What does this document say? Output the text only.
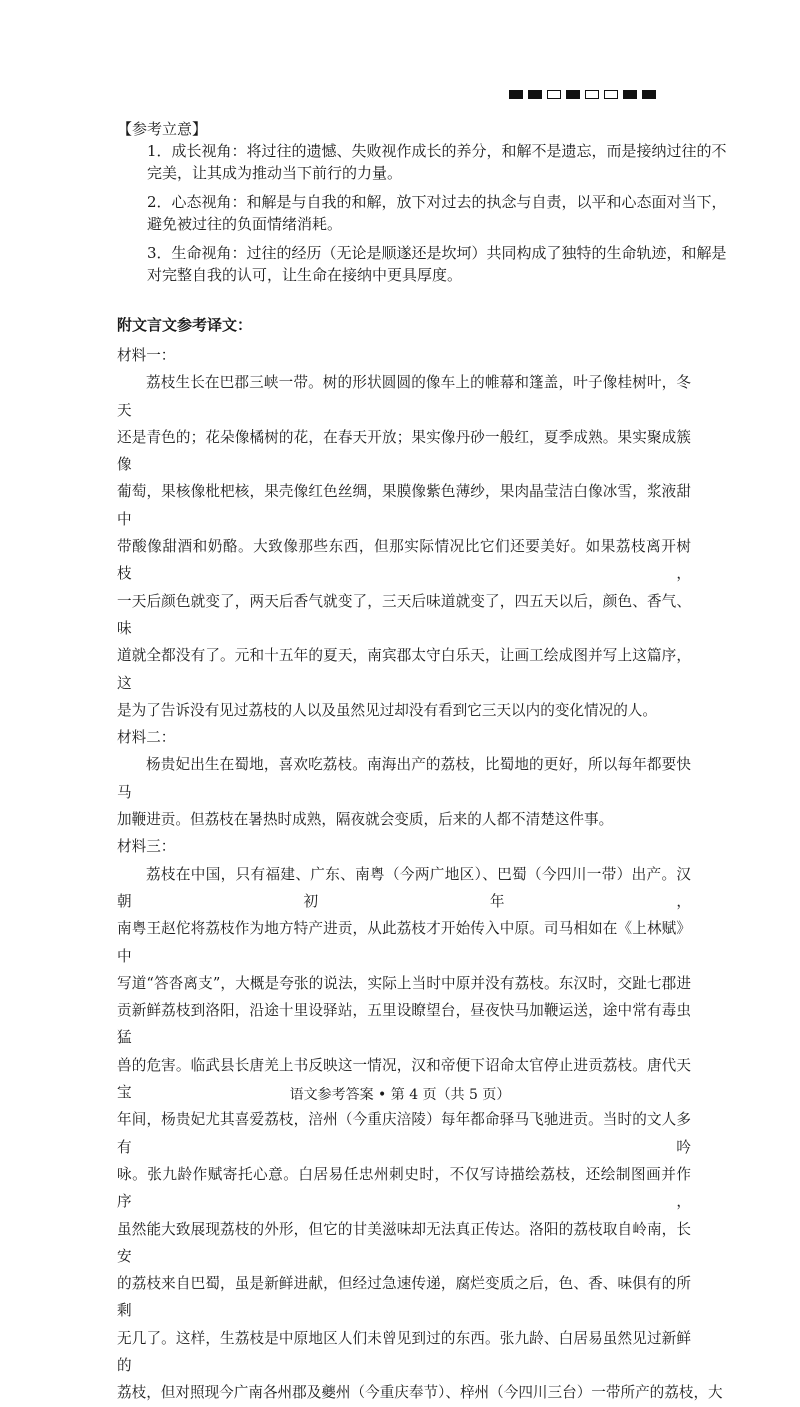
【参考立意】
1．成长视角：将过往的遗憾、失败视作成长的养分，和解不是遗忘，而是接纳过往的不
完美，让其成为推动当下前行的力量。
2．心态视角：和解是与自我的和解，放下对过去的执念与自责，以平和心态面对当下，
避免被过往的负面情绪消耗。
3．生命视角：过往的经历（无论是顺遂还是坎坷）共同构成了独特的生命轨迹，和解是
对完整自我的认可，让生命在接纳中更具厚度。
附文言文参考译文：
材料一：
荔枝生长在巴郡三峡一带。树的形状圆圆的像车上的帷幕和篷盖，叶子像桂树叶，冬天
还是青色的；花朵像橘树的花，在春天开放；果实像丹砂一般红，夏季成熟。果实聚成簇像
葡萄，果核像枇杷核，果壳像红色丝绸，果膜像紫色薄纱，果肉晶莹洁白像冰雪，浆液甜中
带酸像甜酒和奶酪。大致像那些东西，但那实际情况比它们还要美好。如果荔枝离开树枝，
一天后颜色就变了，两天后香气就变了，三天后味道就变了，四五天以后，颜色、香气、味
道就全都没有了。元和十五年的夏天，南宾郡太守白乐天，让画工绘成图并写上这篇序，这
是为了告诉没有见过荔枝的人以及虽然见过却没有看到它三天以内的变化情况的人。
材料二：
杨贵妃出生在蜀地，喜欢吃荔枝。南海出产的荔枝，比蜀地的更好，所以每年都要快马
加鞭进贡。但荔枝在暑热时成熟，隔夜就会变质，后来的人都不清楚这件事。
材料三：
荔枝在中国，只有福建、广东、南粤（今两广地区）、巴蜀（今四川一带）出产。汉朝初年，
南粤王赵佗将荔枝作为地方特产进贡，从此荔枝才开始传入中原。司马相如在《上林赋》中
写道“答沓离支”，大概是夸张的说法，实际上当时中原并没有荔枝。东汉时，交趾七郡进
贡新鲜荔枝到洛阳，沿途十里设驿站，五里设瞭望台，昼夜快马加鞭运送，途中常有毒虫猛
兽的危害。临武县长唐羌上书反映这一情况，汉和帝便下诏命太官停止进贡荔枝。唐代天宝
年间，杨贵妃尤其喜爱荔枝，涪州（今重庆涪陵）每年都命驿马飞驰进贡。当时的文人多有吟
咏。张九龄作赋寄托心意。白居易任忠州刺史时，不仅写诗描绘荔枝，还绘制图画并作序，
虽然能大致展现荔枝的外形，但它的甘美滋味却无法真正传达。洛阳的荔枝取自岭南，长安
的荔枝来自巴蜀，虽是新鲜进献，但经过急速传递，腐烂变质之后，色、香、味俱有的所剩
无几了。这样，生荔枝是中原地区人们未曾见到过的东西。张九龄、白居易虽然见过新鲜的
荔枝，但对照现今广南各州郡及夔州（今重庆奉节）、梓州（今四川三台）一带所产的荔枝，大
语文参考答案 • 第 4 页（共 5 页）
